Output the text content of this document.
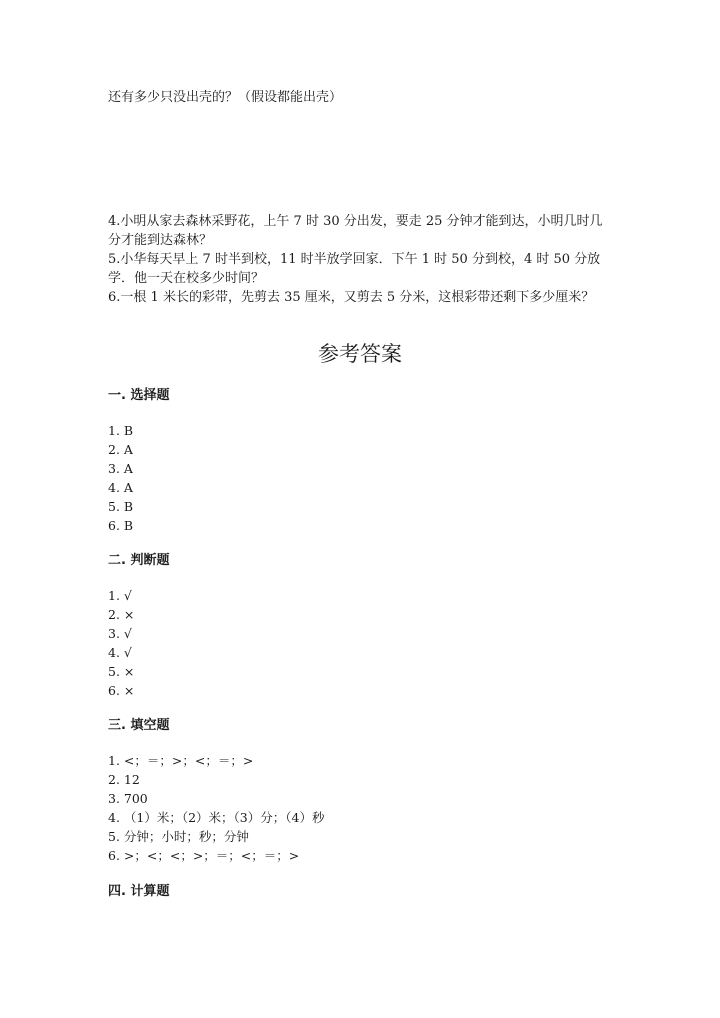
还有多少只没出壳的？（假设都能出壳）
4.小明从家去森林采野花，上午 7 时 30 分出发，要走 25 分钟才能到达，小明几时几分才能到达森林？
5.小华每天早上 7 时半到校，11 时半放学回家．下午 1 时 50 分到校，4 时 50 分放学．他一天在校多少时间？
6.一根 1 米长的彩带，先剪去 35 厘米，又剪去 5 分米，这根彩带还剩下多少厘米？
参考答案
一. 选择题
1. B
2. A
3. A
4. A
5. B
6. B
二. 判断题
1. √
2. ×
3. √
4. √
5. ×
6. ×
三. 填空题
1. <；＝；>；<；＝；>
2. 12
3. 700
4. （1）米；（2）米；（3）分；（4）秒
5. 分钟；小时；秒；分钟
6. >；<；<；>；＝；<；＝；>
四. 计算题
